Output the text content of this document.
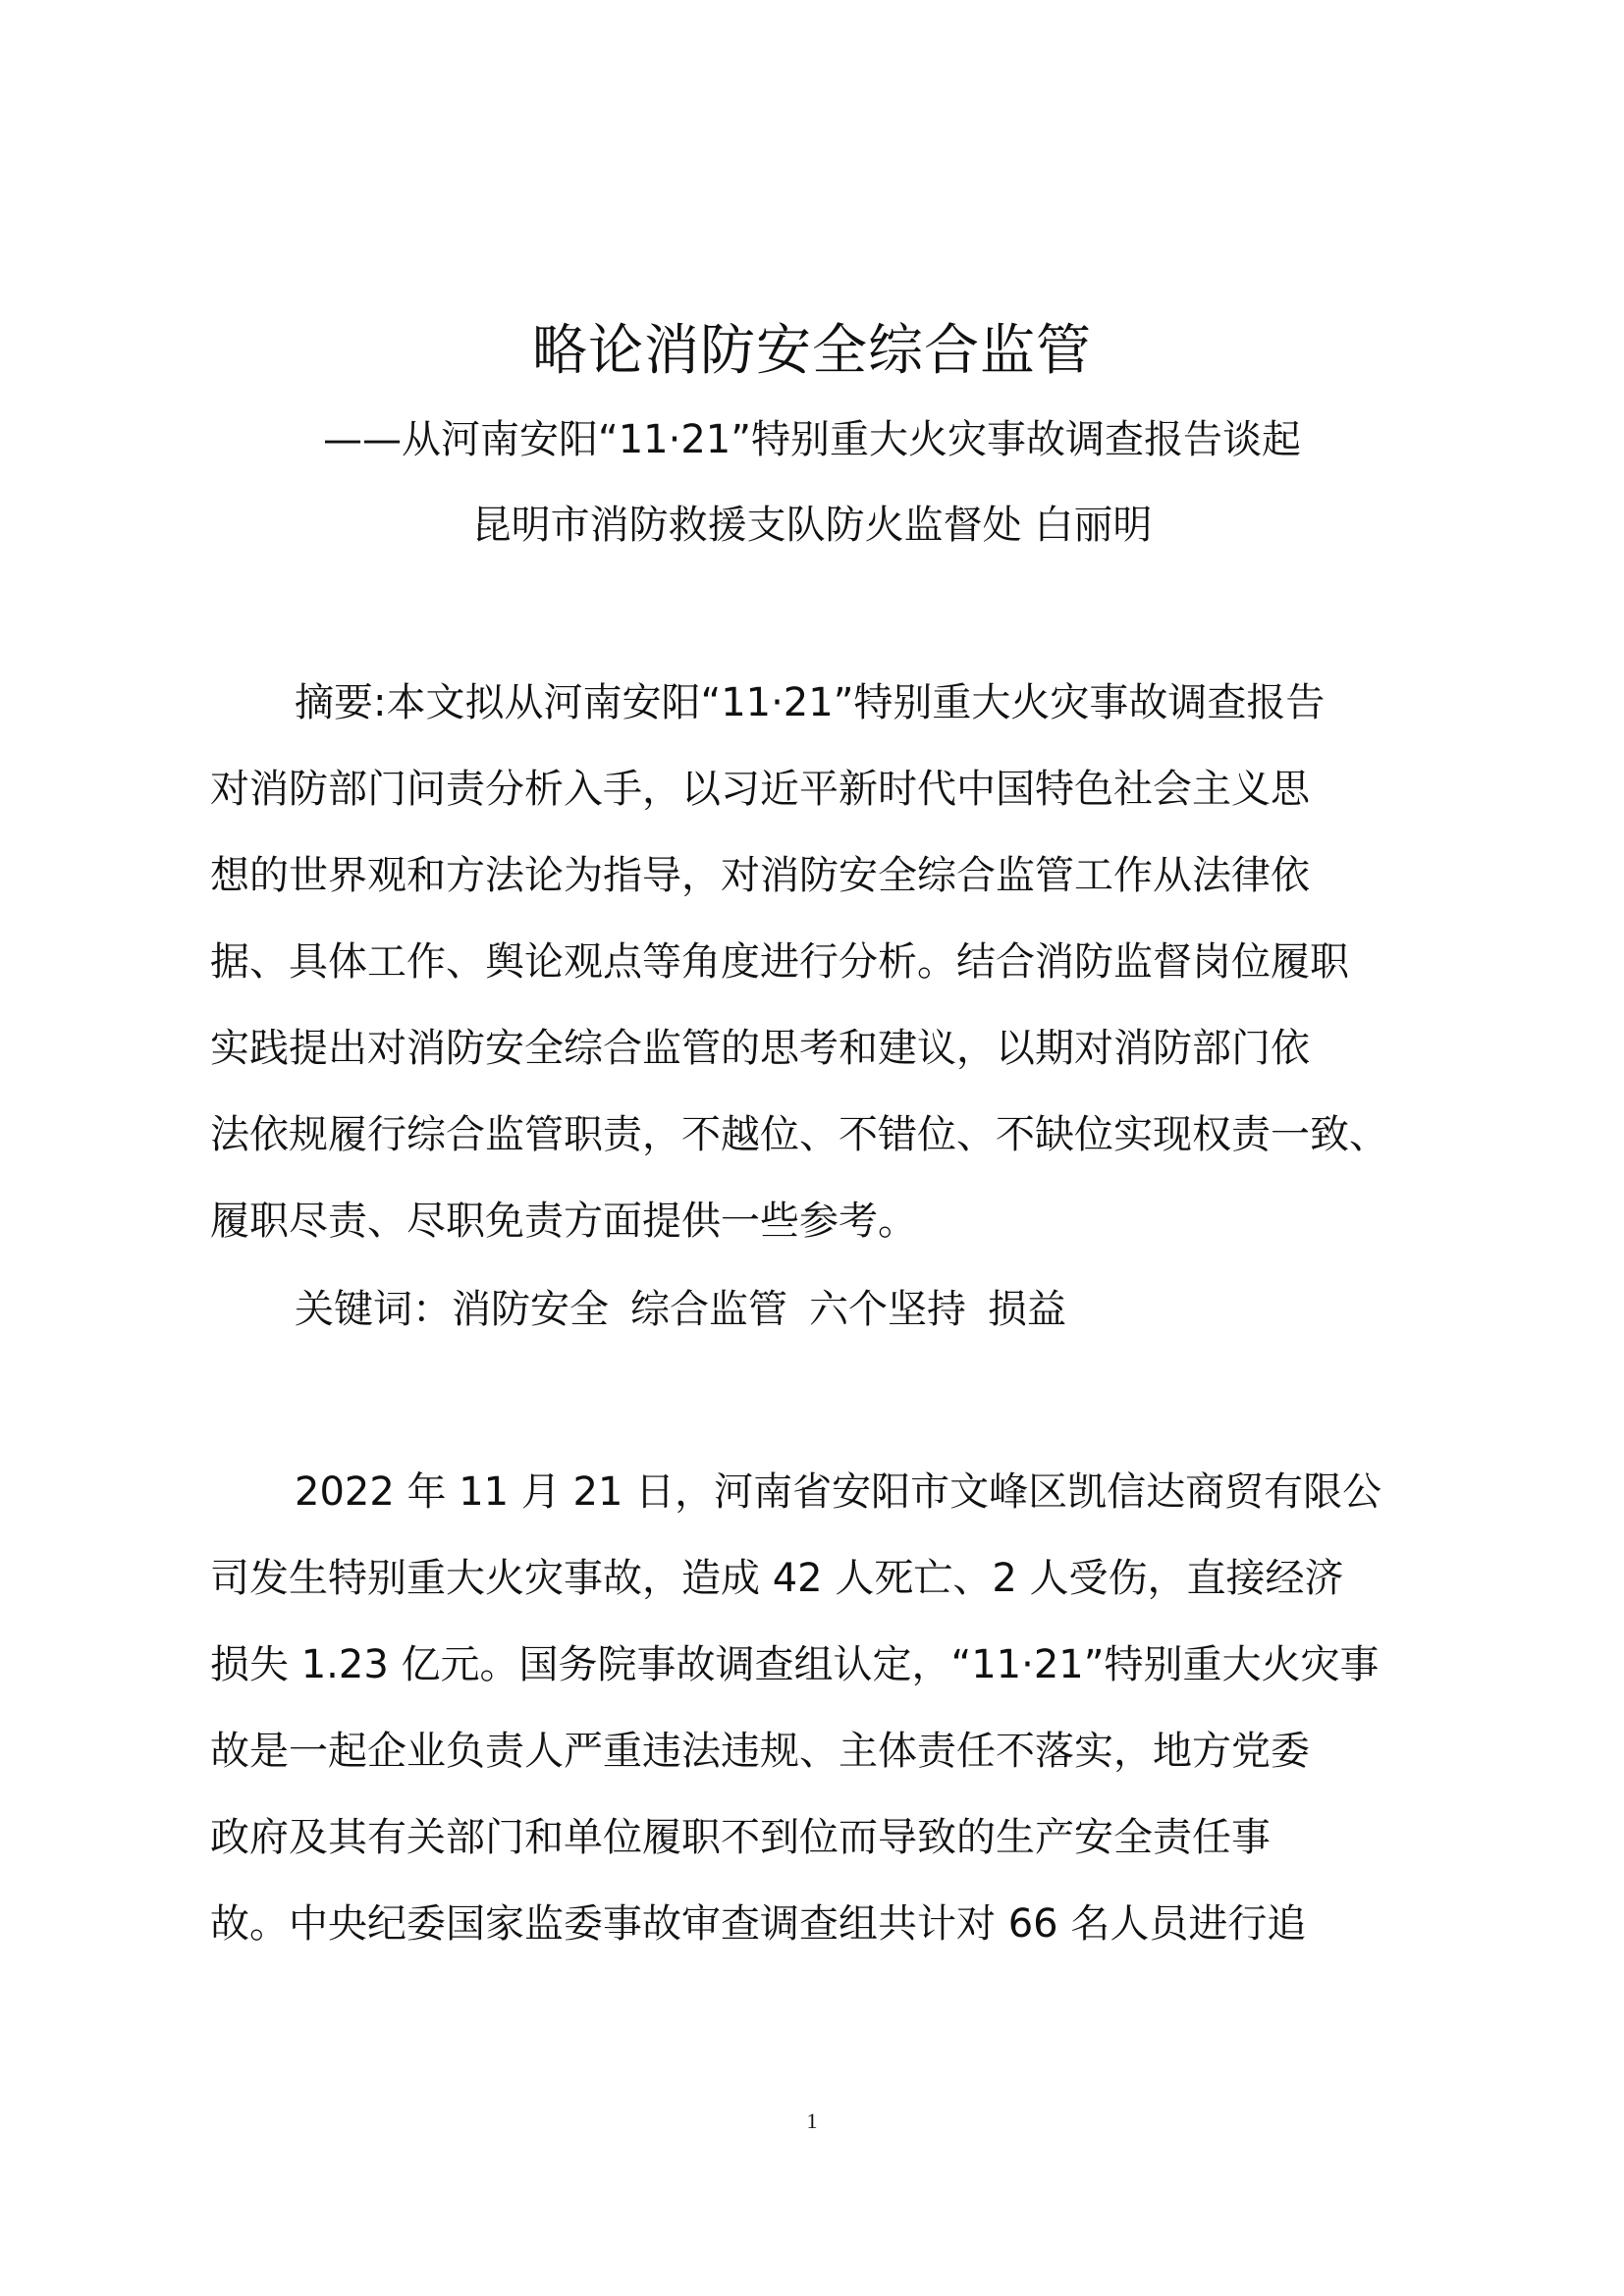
略论消防安全综合监管
——从河南安阳“11·21”特别重大火灾事故调查报告谈起
昆明市消防救援支队防火监督处 白丽明
摘要:本文拟从河南安阳“11·21”特别重大火灾事故调查报告
对消防部门问责分析入手，以习近平新时代中国特色社会主义思
想的世界观和方法论为指导，对消防安全综合监管工作从法律依
据、具体工作、舆论观点等角度进行分析。结合消防监督岗位履职
实践提出对消防安全综合监管的思考和建议，以期对消防部门依
法依规履行综合监管职责，不越位、不错位、不缺位实现权责一致、
履职尽责、尽职免责方面提供一些参考。
关键词：消防安全 综合监管 六个坚持 损益
2022 年 11 月 21 日，河南省安阳市文峰区凯信达商贸有限公
司发生特别重大火灾事故，造成 42 人死亡、2 人受伤，直接经济
损失 1.23 亿元。国务院事故调查组认定，“11·21”特别重大火灾事
故是一起企业负责人严重违法违规、主体责任不落实，地方党委
政府及其有关部门和单位履职不到位而导致的生产安全责任事
故。中央纪委国家监委事故审查调查组共计对 66 名人员进行追
1
